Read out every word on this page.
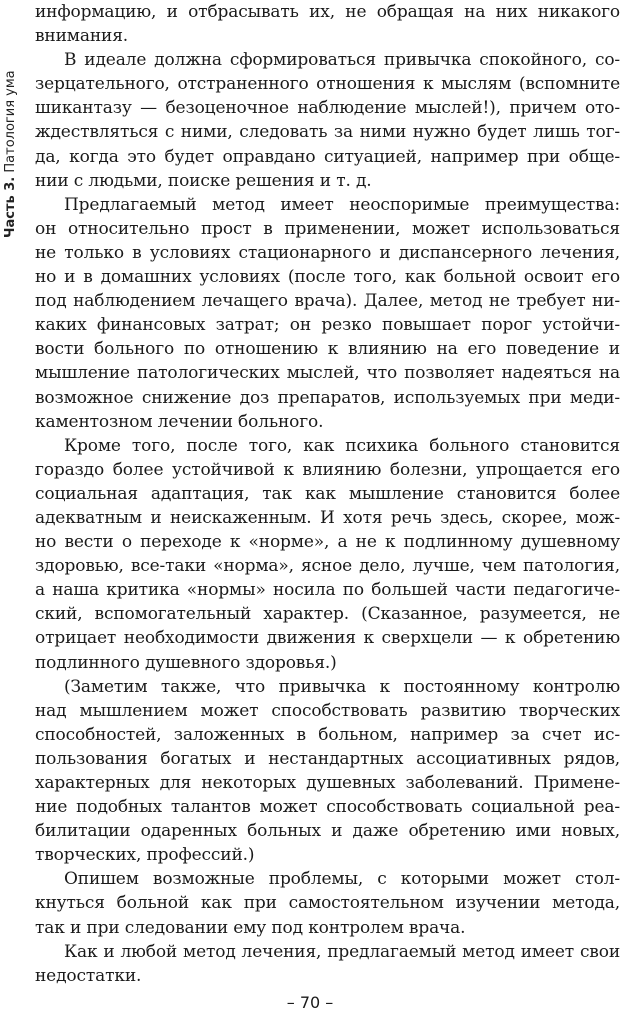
Часть 3. Патология ума
информацию, и отбрасывать их, не обращая на них никакого
внимания.
В идеале должна сформироваться привычка спокойного, со-
зерцательного, отстраненного отношения к мыслям (вспомните
шикантазу — безоценочное наблюдение мыслей!), причем ото-
ждествляться с ними, следовать за ними нужно будет лишь тог-
да, когда это будет оправдано ситуацией, например при обще-
нии с людьми, поиске решения и т. д.
Предлагаемый метод имеет неоспоримые преимущества:
он относительно прост в применении, может использоваться
не только в условиях стационарного и диспансерного лечения,
но и в домашних условиях (после того, как больной освоит его
под наблюдением лечащего врача). Далее, метод не требует ни-
каких финансовых затрат; он резко повышает порог устойчи-
вости больного по отношению к влиянию на его поведение и
мышление патологических мыслей, что позволяет надеяться на
возможное снижение доз препаратов, используемых при меди-
каментозном лечении больного.
Кроме того, после того, как психика больного становится
гораздо более устойчивой к влиянию болезни, упрощается его
социальная адаптация, так как мышление становится более
адекватным и неискаженным. И хотя речь здесь, скорее, мож-
но вести о переходе к «норме», а не к подлинному душевному
здоровью, все-таки «норма», ясное дело, лучше, чем патология,
а наша критика «нормы» носила по большей части педагогиче-
ский, вспомогательный характер. (Сказанное, разумеется, не
отрицает необходимости движения к сверхцели — к обретению
подлинного душевного здоровья.)
(Заметим также, что привычка к постоянному контролю
над мышлением может способствовать развитию творческих
способностей, заложенных в больном, например за счет ис-
пользования богатых и нестандартных ассоциативных рядов,
характерных для некоторых душевных заболеваний. Примене-
ние подобных талантов может способствовать социальной реа-
билитации одаренных больных и даже обретению ими новых,
творческих, профессий.)
Опишем возможные проблемы, с которыми может стол-
кнуться больной как при самостоятельном изучении метода,
так и при следовании ему под контролем врача.
Как и любой метод лечения, предлагаемый метод имеет свои
недостатки.
– 70 –
